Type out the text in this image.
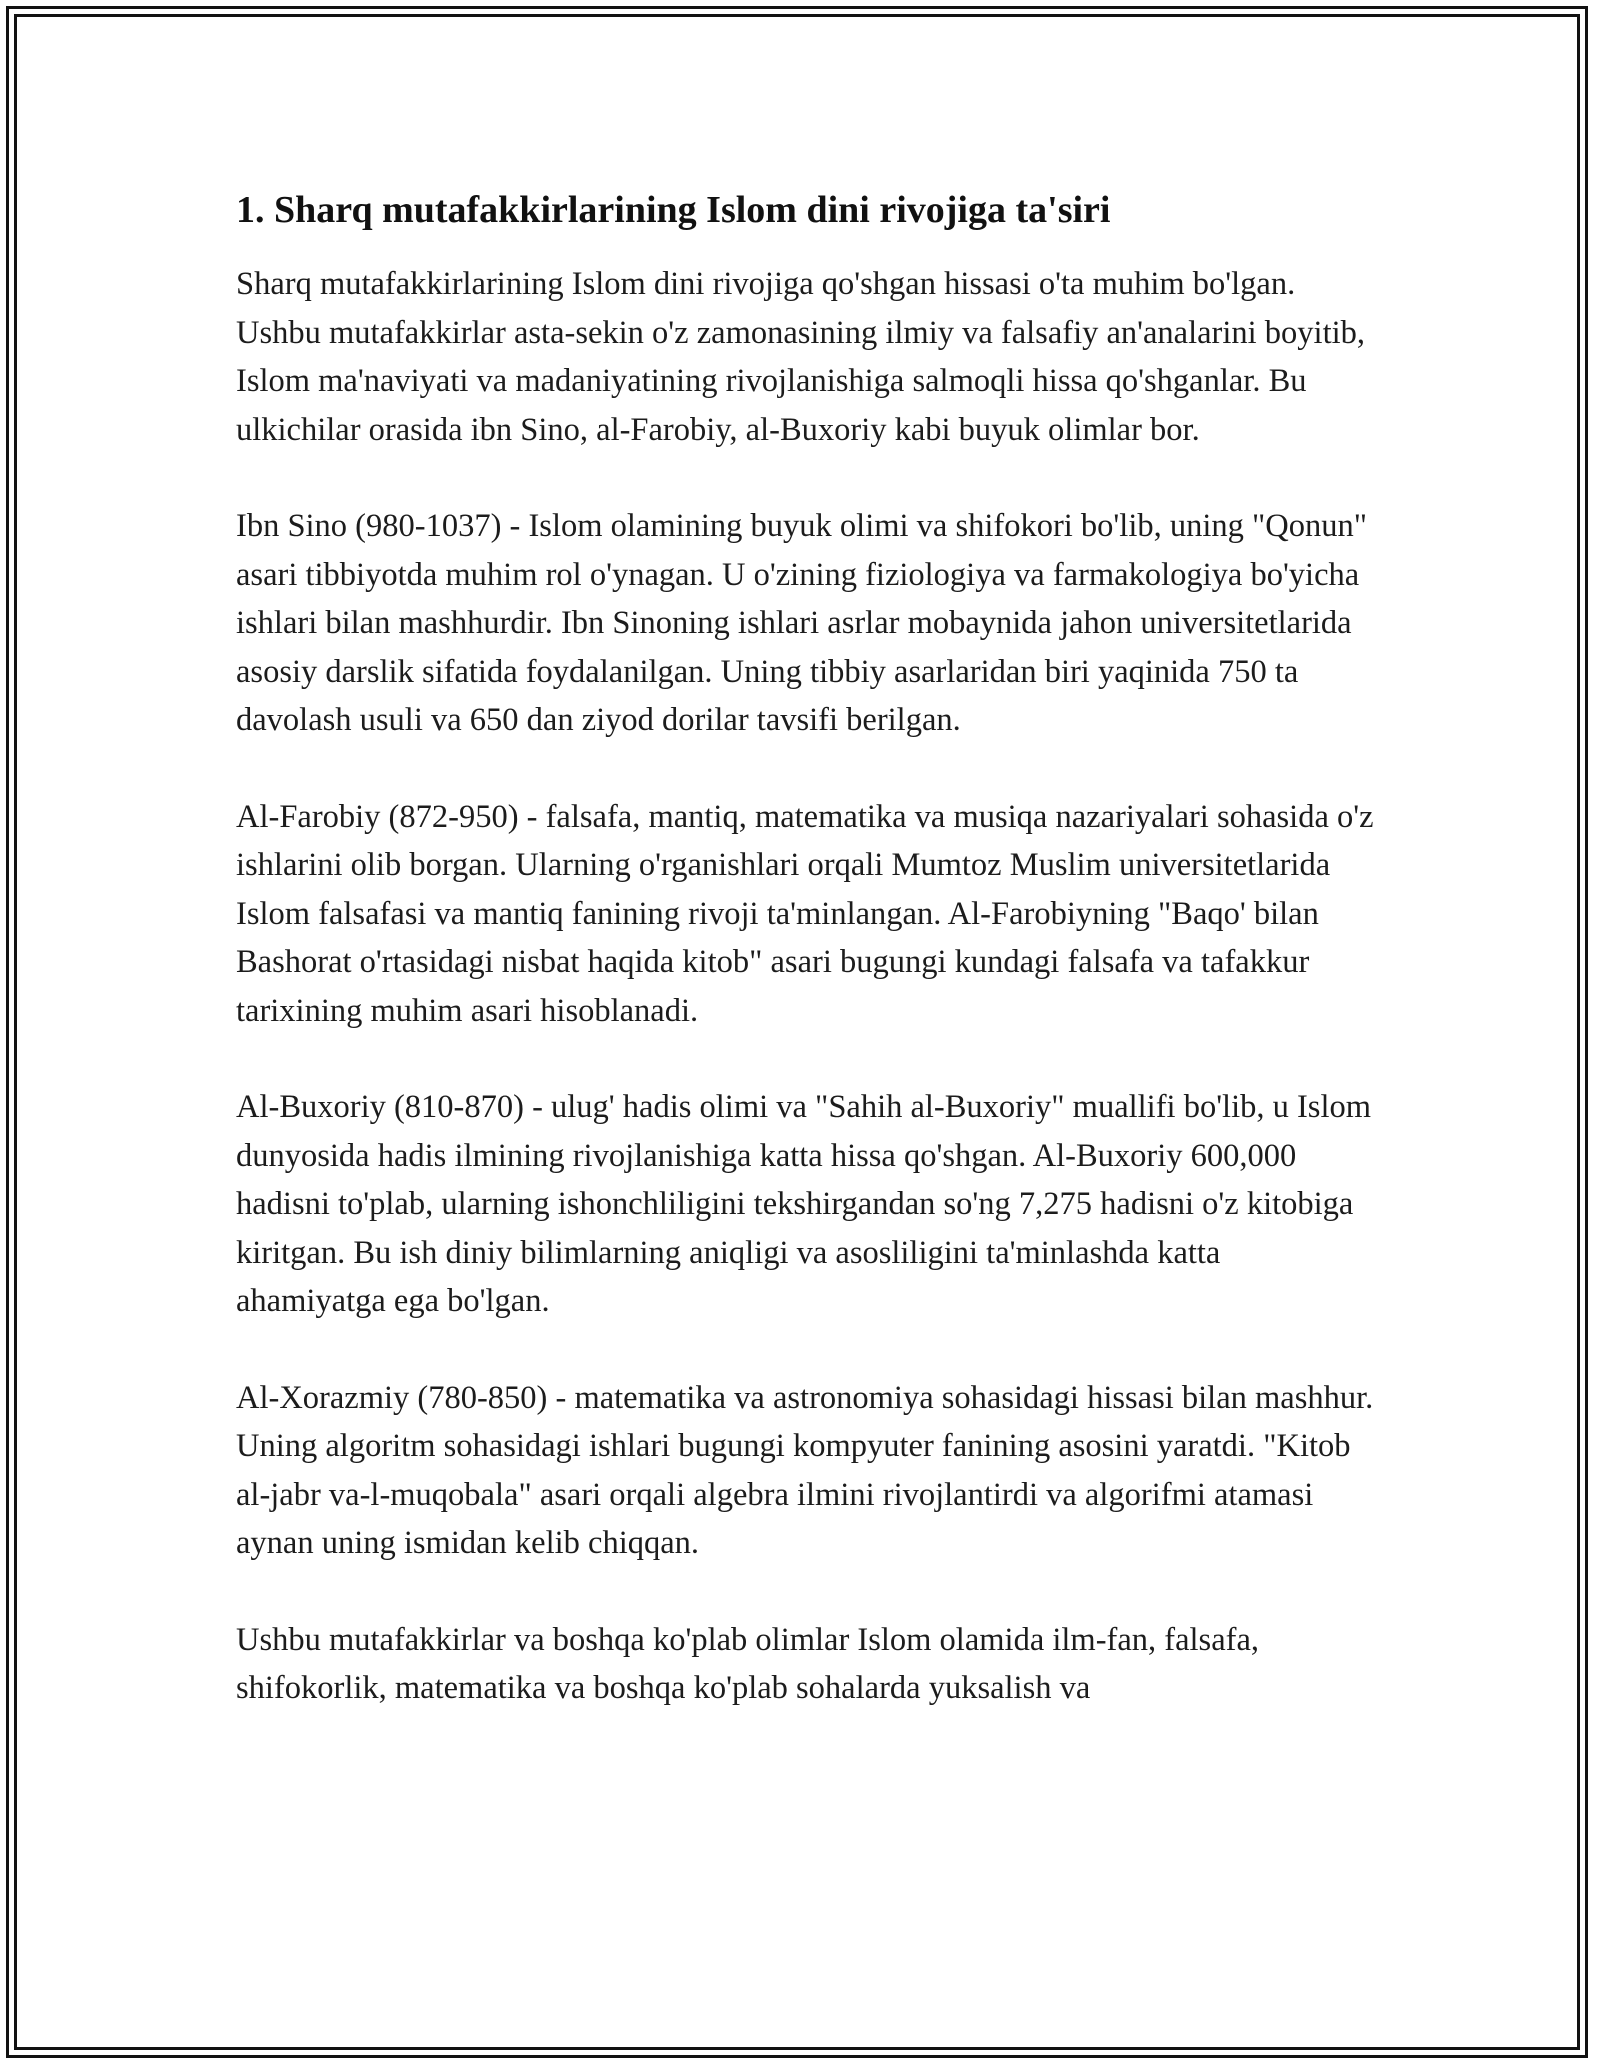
1. Sharq mutafakkirlarining Islom dini rivojiga ta'siri

Sharq mutafakkirlarining Islom dini rivojiga qo'shgan hissasi o'ta muhim bo'lgan. Ushbu mutafakkirlar asta-sekin o'z zamonasining ilmiy va falsafiy an'analarini boyitib, Islom ma'naviyati va madaniyatining rivojlanishiga salmoqli hissa qo'shganlar. Bu ulkichilar orasida ibn Sino, al-Farobiy, al-Buxoriy kabi buyuk olimlar bor.

Ibn Sino (980-1037) - Islom olamining buyuk olimi va shifokori bo'lib, uning "Qonun" asari tibbiyotda muhim rol o'ynagan. U o'zining fiziologiya va farmakologiya bo'yicha ishlari bilan mashhurdir. Ibn Sinoning ishlari asrlar mobaynida jahon universitetlarida asosiy darslik sifatida foydalanilgan. Uning tibbiy asarlaridan biri yaqinida 750 ta davolash usuli va 650 dan ziyod dorilar tavsifi berilgan.

Al-Farobiy (872-950) - falsafa, mantiq, matematika va musiqa nazariyalari sohasida o'z ishlarini olib borgan. Ularning o'rganishlari orqali Mumtoz Muslim universitetlarida Islom falsafasi va mantiq fanining rivoji ta'minlangan. Al-Farobiyning "Baqo' bilan Bashorat o'rtasidagi nisbat haqida kitob" asari bugungi kundagi falsafa va tafakkur tarixining muhim asari hisoblanadi.

Al-Buxoriy (810-870) - ulug' hadis olimi va "Sahih al-Buxoriy" muallifi bo'lib, u Islom dunyosida hadis ilmining rivojlanishiga katta hissa qo'shgan. Al-Buxoriy 600,000 hadisni to'plab, ularning ishonchliligini tekshirgandan so'ng 7,275 hadisni o'z kitobiga kiritgan. Bu ish diniy bilimlarning aniqligi va asosliligini ta'minlashda katta ahamiyatga ega bo'lgan.

Al-Xorazmiy (780-850) - matematika va astronomiya sohasidagi hissasi bilan mashhur. Uning algoritm sohasidagi ishlari bugungi kompyuter fanining asosini yaratdi. "Kitob al-jabr va-l-muqobala" asari orqali algebra ilmini rivojlantirdi va algorifmi atamasi aynan uning ismidan kelib chiqqan.

Ushbu mutafakkirlar va boshqa ko'plab olimlar Islom olamida ilm-fan, falsafa, shifokorlik, matematika va boshqa ko'plab sohalarda yuksalish va
